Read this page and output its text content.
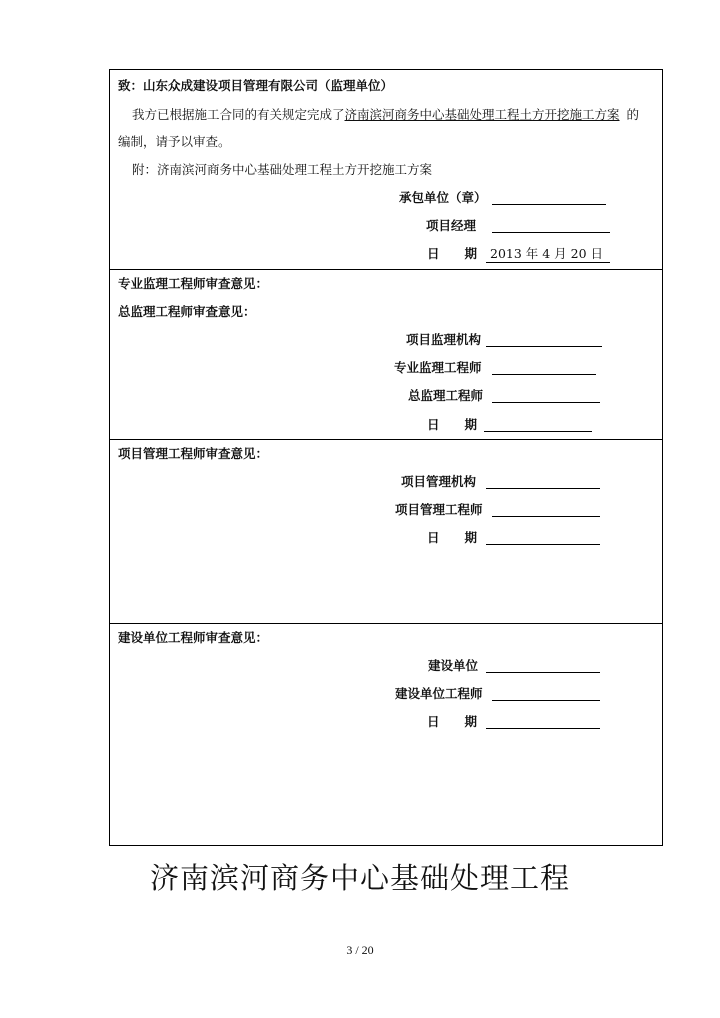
致：山东众成建设项目管理有限公司（监理单位）
我方已根据施工合同的有关规定完成了济南滨河商务中心基础处理工程土方开挖施工方案 的
编制，请予以审查。
附：济南滨河商务中心基础处理工程土方开挖施工方案
承包单位（章）
项目经理
日　　期	2013 年 4 月 20 日
专业监理工程师审查意见：
总监理工程师审查意见：
项目监理机构
专业监理工程师
总监理工程师
日　　期
项目管理工程师审查意见：
项目管理机构
项目管理工程师
日　　期
建设单位工程师审查意见：
建设单位
建设单位工程师
日　　期
济南滨河商务中心基础处理工程
3 / 20
